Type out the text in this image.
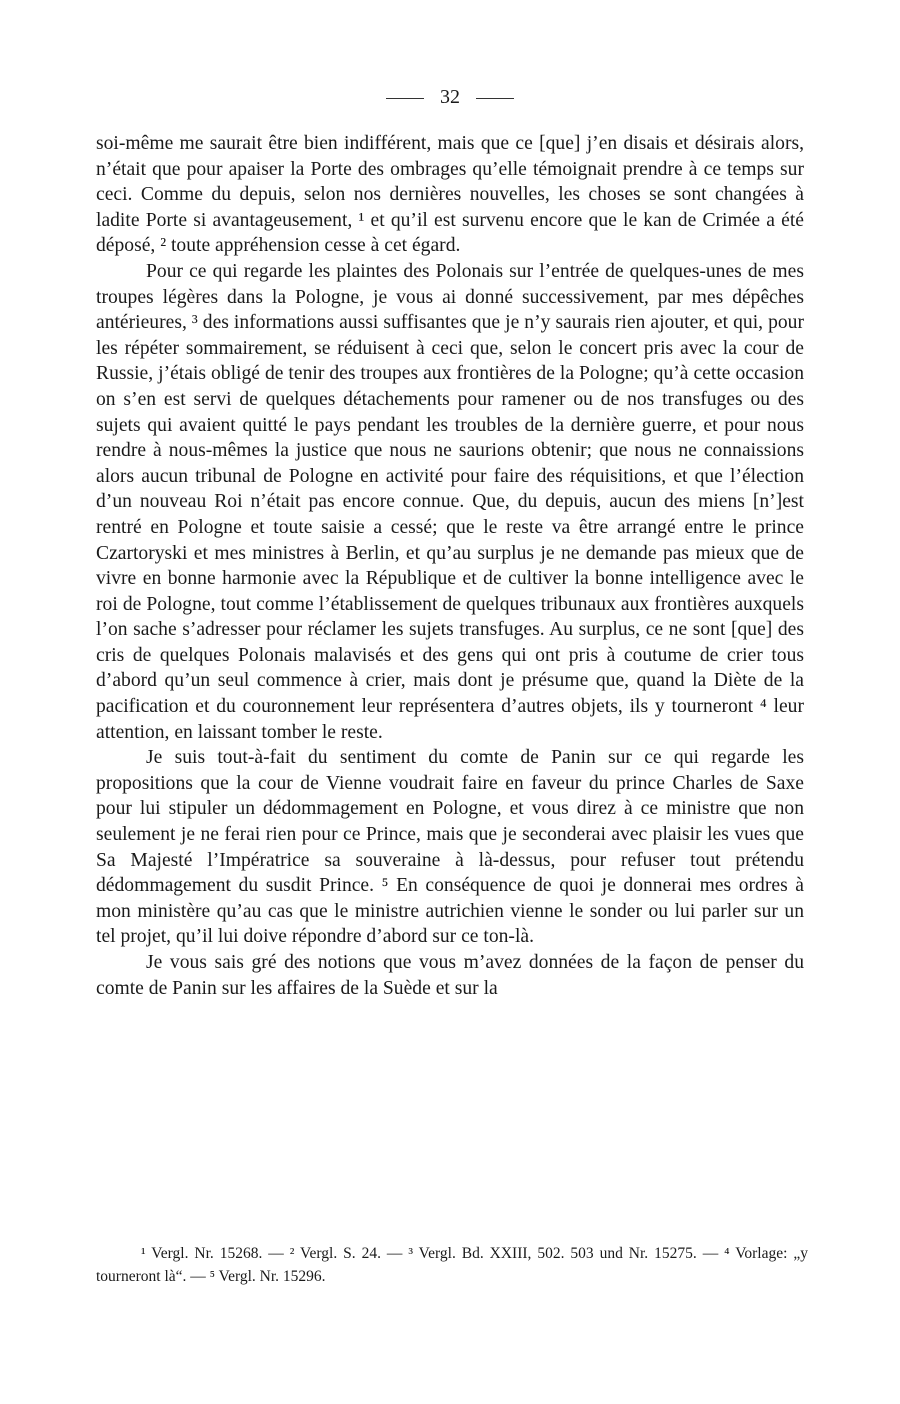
32

soi-même me saurait être bien indifférent, mais que ce [que] j’en disais et désirais alors, n’était que pour apaiser la Porte des ombrages qu’elle témoignait prendre à ce temps sur ceci. Comme du depuis, selon nos dernières nouvelles, les choses se sont changées à ladite Porte si avantageusement, ¹ et qu’il est survenu encore que le kan de Crimée a été déposé, ² toute appréhension cesse à cet égard.

Pour ce qui regarde les plaintes des Polonais sur l’entrée de quelques-unes de mes troupes légères dans la Pologne, je vous ai donné successivement, par mes dépêches antérieures, ³ des informations aussi suffisantes que je n’y saurais rien ajouter, et qui, pour les répéter sommairement, se réduisent à ceci que, selon le concert pris avec la cour de Russie, j’étais obligé de tenir des troupes aux frontières de la Pologne; qu’à cette occasion on s’en est servi de quelques détachements pour ramener ou de nos transfuges ou des sujets qui avaient quitté le pays pendant les troubles de la dernière guerre, et pour nous rendre à nous-mêmes la justice que nous ne saurions obtenir; que nous ne connaissions alors aucun tribunal de Pologne en activité pour faire des réquisitions, et que l’élection d’un nouveau Roi n’était pas encore connue. Que, du depuis, aucun des miens [n’]est rentré en Pologne et toute saisie a cessé; que le reste va être arrangé entre le prince Czartoryski et mes ministres à Berlin, et qu’au surplus je ne demande pas mieux que de vivre en bonne harmonie avec la République et de cultiver la bonne intelligence avec le roi de Pologne, tout comme l’établissement de quelques tribunaux aux frontières auxquels l’on sache s’adresser pour réclamer les sujets transfuges. Au surplus, ce ne sont [que] des cris de quelques Polonais malavisés et des gens qui ont pris à coutume de crier tous d’abord qu’un seul commence à crier, mais dont je présume que, quand la Diète de la pacification et du couronnement leur représentera d’autres objets, ils y tourneront ⁴ leur attention, en laissant tomber le reste.

Je suis tout-à-fait du sentiment du comte de Panin sur ce qui regarde les propositions que la cour de Vienne voudrait faire en faveur du prince Charles de Saxe pour lui stipuler un dédommagement en Pologne, et vous direz à ce ministre que non seulement je ne ferai rien pour ce Prince, mais que je seconderai avec plaisir les vues que Sa Majesté l’Impératrice sa souveraine à là-dessus, pour refuser tout prétendu dédommagement du susdit Prince. ⁵ En conséquence de quoi je donnerai mes ordres à mon ministère qu’au cas que le ministre autrichien vienne le sonder ou lui parler sur un tel projet, qu’il lui doive répondre d’abord sur ce ton-là.

Je vous sais gré des notions que vous m’avez données de la façon de penser du comte de Panin sur les affaires de la Suède et sur la

¹ Vergl. Nr. 15268. — ² Vergl. S. 24. — ³ Vergl. Bd. XXIII, 502. 503 und Nr. 15275. — ⁴ Vorlage: „y tourneront là“. — ⁵ Vergl. Nr. 15296.
